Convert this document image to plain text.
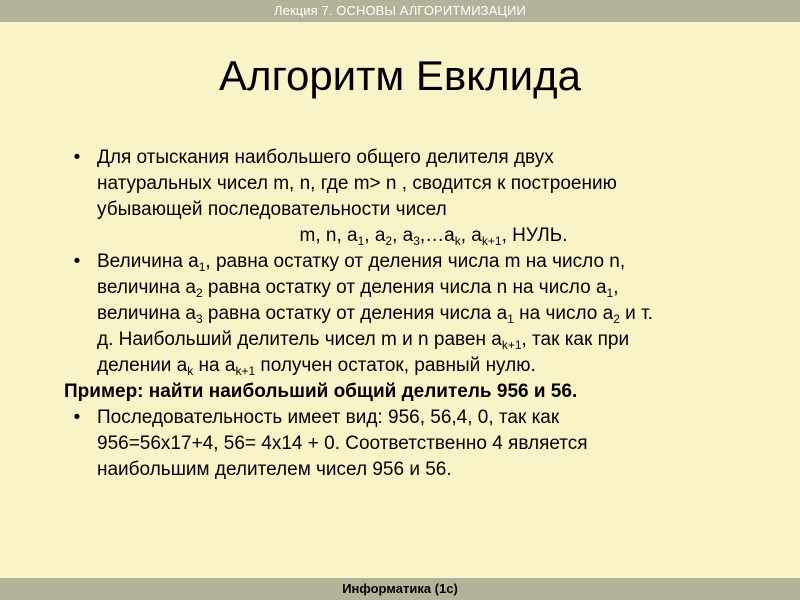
Лекция 7. ОСНОВЫ АЛГОРИТМИЗАЦИИ
Алгоритм Евклида
• Для отыскания наибольшего общего делителя двух
натуральных чисел m, n, где m> n , сводится к построению
убывающей последовательности чисел
m, n, $a_1$, $a_2$, $a_3,\dots a_k$, $a_{k+1}$, НУЛЬ.
• Величина $a_1$, равна остатку от деления числа m на число n,
величина $a_2$ равна остатку от деления числа n на число $a_1$,
величина $a_3$ равна остатку от деления числа $a_1$ на число $a_2$ и т.
д. Наибольший делитель чисел m и n равен $a_{k+1}$, так как при
делении $a_k$ на $a_{k+1}$ получен остаток, равный нулю.
Пример: найти наибольший общий делитель 956 и 56.
• Последовательность имеет вид: 956, 56,4, 0, так как
956=56x17+4, 56= 4x14 + 0. Соответственно 4 является
наибольшим делителем чисел 956 и 56.
Информатика (1с)
